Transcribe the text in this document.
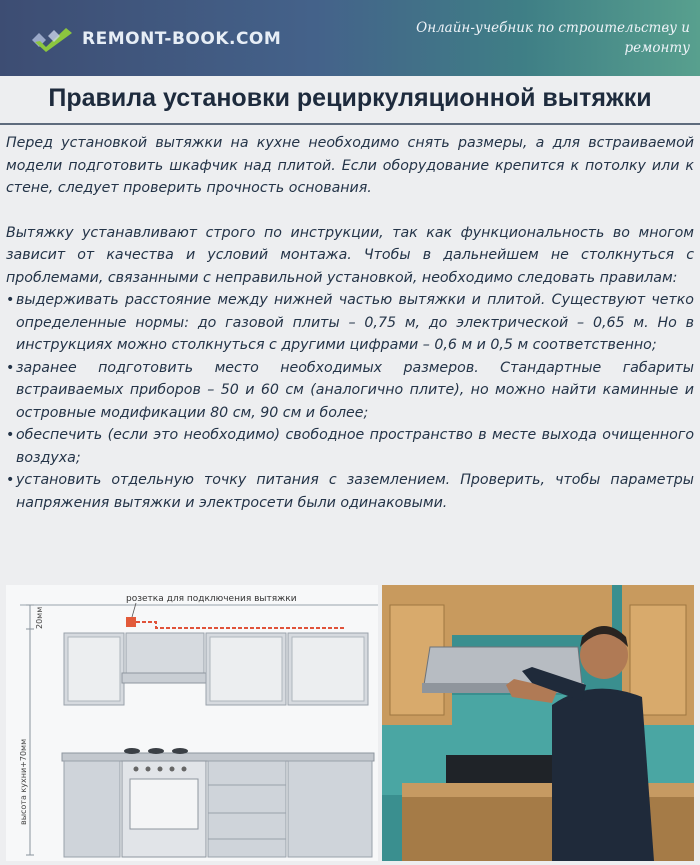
REMONT-BOOK.COM
Онлайн-учебник по строительству и ремонту
Правила установки рециркуляционной вытяжки

Перед установкой вытяжки на кухне необходимо снять размеры, а для встраиваемой модели подготовить шкафчик над плитой. Если оборудование крепится к потолку или к стене, следует проверить прочность основания.

Вытяжку устанавливают строго по инструкции, так как функциональность во многом зависит от качества и условий монтажа. Чтобы в дальнейшем не столкнуться с проблемами, связанными с неправильной установкой, необходимо следовать правилам:

• выдерживать расстояние между нижней частью вытяжки и плитой. Существуют четко определенные нормы: до газовой плиты – 0,75 м, до электрической – 0,65 м. Но в инструкциях можно столкнуться с другими цифрами – 0,6 м и 0,5 м соответственно;
• заранее подготовить место необходимых размеров. Стандартные габариты встраиваемых приборов – 50 и 60 см (аналогично плите), но можно найти каминные и островные модификации 80 см, 90 см и более;
• обеспечить (если это необходимо) свободное пространство в месте выхода очищенного воздуха;
• установить отдельную точку питания с заземлением. Проверить, чтобы параметры напряжения вытяжки и электросети были одинаковыми.
20мм
высота кухни+70мм
розетка для подключения вытяжки
